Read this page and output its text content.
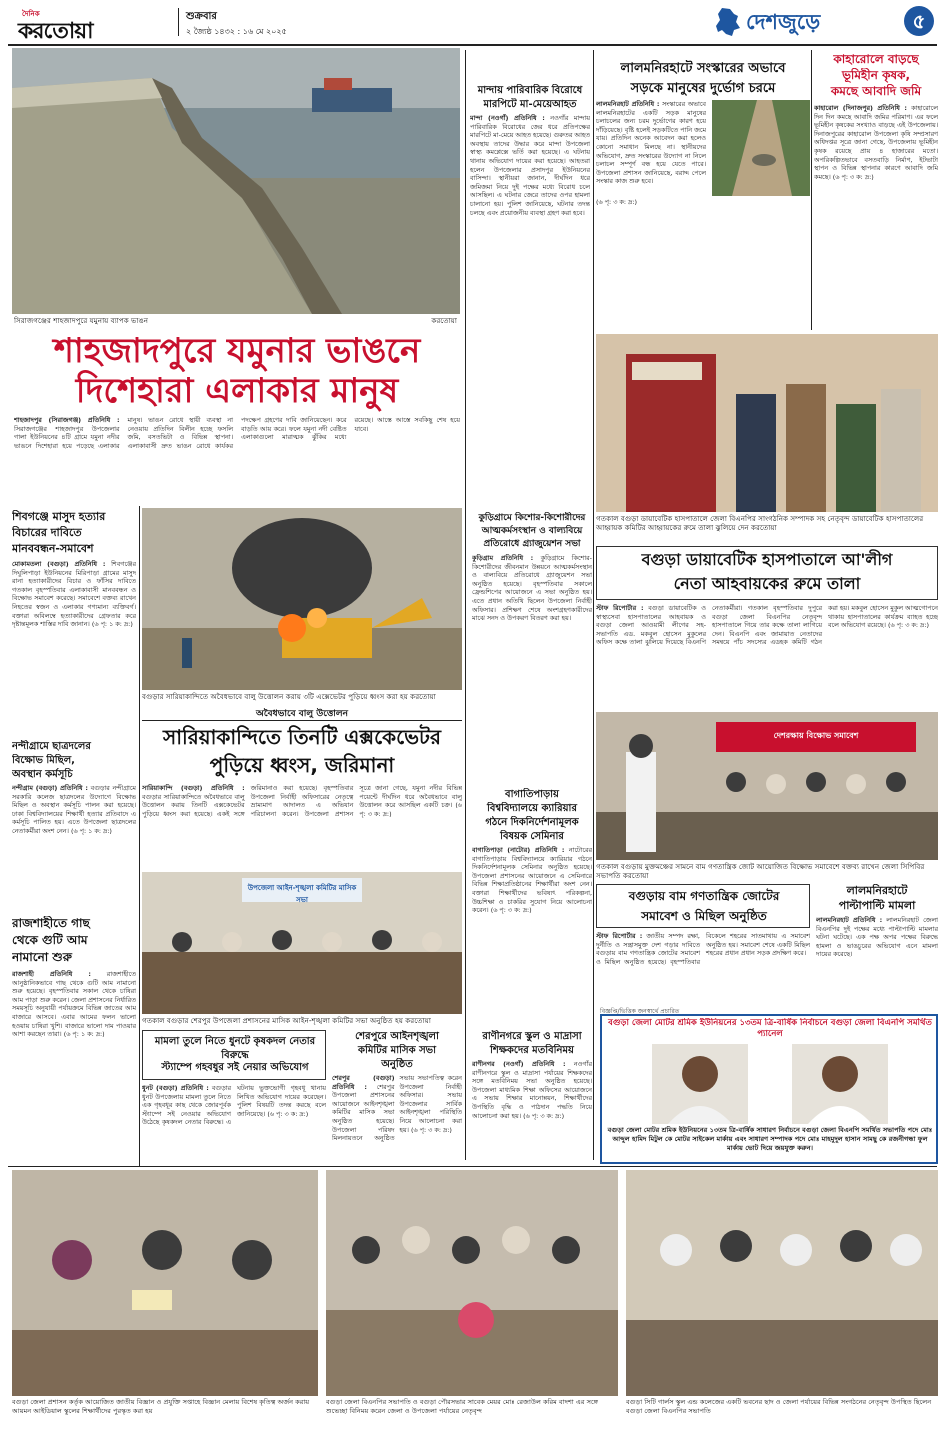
দৈনিক
করতোয়া
শুক্রবার
২ জ্যৈষ্ঠ ১৪৩২ : ১৬ মে ২০২৫	দেশজুড়ে	৫
সিরাজগঞ্জের শাহজাদপুরে যমুনায় ব্যাপক ভাঙন	করতোয়া
শাহজাদপুরে যমুনার ভাঙনে
দিশেহারা এলাকার মানুষ
শাহজাদপুর (সিরাজগঞ্জ) প্রতিনিধি : সিরাজগঞ্জের শাহজাদপুর উপজেলার গালা ইউনিয়নের ৪টি গ্রামে যমুনা নদীর ভাঙনে দিশেহারা হয়ে পড়েছে এলাকার মানুষ। ভাঙন রোধে স্থায়ী ব্যবস্থা না নেওয়ায় প্রতিদিন বিলীন হচ্ছে ফসলি জমি, বসতভিটা ও বিভিন্ন স্থাপনা। এলাকাবাসী দ্রুত ভাঙন রোধে কার্যকর পদক্ষেপ গ্রহণের দাবি জানিয়েছেন। করে বাড়তি আয় করে। ফলে যমুনা নদী বেষ্টিত এলাকাগুলো মারাত্মক ঝুঁকির মধ্যে রয়েছে। আস্তে আস্তে সবকিছু শেষ হয়ে যাবে।
মান্দায় পারিবারিক বিরোধে
মারপিটে মা-মেয়েআহত
মান্দা (নওগাঁ) প্রতিনিধি : নওগাঁর মান্দায় পারিবারিক বিরোধের জের ধরে প্রতিপক্ষের মারপিটে মা-মেয়ে আহত হয়েছে। গুরুতর আহত অবস্থায় তাদের উদ্ধার করে মান্দা উপজেলা স্বাস্থ্য কমপ্লেক্সে ভর্তি করা হয়েছে। এ ঘটনায় থানায় অভিযোগ দায়ের করা হয়েছে। আহতরা হলেন উপজেলার প্রসাদপুর ইউনিয়নের বাসিন্দা। স্থানীয়রা জানান, দীর্ঘদিন ধরে জমিজমা নিয়ে দুই পক্ষের মধ্যে বিরোধ চলে আসছিল। এ ঘটনার জেরে তাদের ওপর হামলা চালানো হয়। পুলিশ জানিয়েছে, ঘটনার তদন্ত চলছে এবং প্রয়োজনীয় ব্যবস্থা গ্রহণ করা হবে।
লালমনিরহাটে সংস্কারের অভাবে
সড়কে মানুষের দুর্ভোগ চরমে
লালমনিরহাট প্রতিনিধি : সংস্কারের অভাবে লালমনিরহাটের একটি সড়ক মানুষের চলাচলের জন্য চরম দুর্ভোগের কারণ হয়ে দাঁড়িয়েছে। বৃষ্টি হলেই সড়কটিতে পানি জমে যায়। প্রতিদিন অনেক আবেদন করা হলেও কোনো সমাধান মিলছে না। স্থানীয়দের অভিযোগ, দ্রুত সংস্কারের উদ্যোগ না নিলে চলাচল সম্পূর্ণ বন্ধ হয়ে যেতে পারে। উপজেলা প্রশাসন জানিয়েছে, বরাদ্দ পেলে সংস্কার কাজ শুরু হবে।
(৬ পৃ: ৩ ক: দ্র:)
কাহারোলে বাড়ছে
ভূমিহীন কৃষক,
কমছে আবাদি জমি
কাহারোল (দিনাজপুর) প্রতিনিধি : কাহারোলে দিন দিন কমছে আবাদি জমির পরিমাণ। এর ফলে ভূমিহীন কৃষকের সংখ্যাও বাড়ছে এই উপজেলায়। দিনাজপুরের কাহারোল উপজেলা কৃষি সম্প্রসারণ অধিদপ্তর সূত্রে জানা গেছে, উপজেলায় ভূমিহীন কৃষক রয়েছে প্রায় ৪ হাজারের মতো। অপরিকল্পিতভাবে বসতবাড়ি নির্মাণ, ইটভাটা স্থাপন ও বিভিন্ন স্থাপনার কারণে আবাদি জমি কমছে। (৬ পৃ: ৩ ক: দ্র:)
গতকাল বগুড়া ডায়াবেটিক হাসপাতালে জেলা বিএনপির সাংগঠনিক সম্পাদক সহ নেতৃবৃন্দ ডায়াবেটিক হাসপাতালের আহ্বায়ক কমিটির আহ্বায়কের রুমে তালা ঝুলিয়ে দেন করতোয়া
বগুড়া ডায়াবেটিক হাসপাতালে আ'লীগ
নেতা আহবায়কের রুমে তালা
স্টাফ রিপোর্টার : বগুড়া ডায়াবেটিক ও স্বাস্থ্যসেবা হাসপাতালের আহবায়ক ও বগুড়া জেলা আওয়ামী লীগের সহ-সভাপতি এড. মকবুল হোসেন মুকুলের অফিস কক্ষে তালা ঝুলিয়ে দিয়েছে বিএনপি নেতাকর্মীরা। গতকাল বৃহস্পতিবার দুপুরে বগুড়া জেলা বিএনপির নেতৃবৃন্দ হাসপাতালে গিয়ে তার কক্ষে তালা লাগিয়ে দেন। বিএনপি এবং জামায়াত নেতাদের সমন্বয়ে পাঁচ সদস্যের এডহক কমিটি গঠন করা হয়। মকবুল হোসেন মুকুল আত্মগোপনে থাকায় হাসপাতালের কার্যক্রম ব্যাহত হচ্ছে বলে অভিযোগ রয়েছে। (৬ পৃ: ৩ ক: দ্র:)
কুড়িগ্রামে কিশোর-কিশোরীদের
আত্মকর্মসংস্থান ও বাল্যবিয়ে
প্রতিরোধে গ্র্যাজুয়েশন সভা
কুড়িগ্রাম প্রতিনিধি : কুড়িগ্রামে কিশোর-কিশোরীদের জীবনমান উন্নয়নে আত্মকর্মসংস্থান ও বাল্যবিয়ে প্রতিরোধে গ্র্যাজুয়েশন সভা অনুষ্ঠিত হয়েছে। বৃহস্পতিবার সকালে ফ্রেন্ডশিপের আয়োজনে এ সভা অনুষ্ঠিত হয়। এতে প্রধান অতিথি ছিলেন উপজেলা নির্বাহী অফিসার। প্রশিক্ষণ শেষে অংশগ্রহণকারীদের মাঝে সনদ ও উপকরণ বিতরণ করা হয়।
শিবগঞ্জে মাসুদ হত্যার
বিচারের দাবিতে
মানববন্ধন-সমাবেশ
মোকামতলা (বগুড়া) প্রতিনিধি : শিবগঞ্জের দিঘুলিপাড়া ইউনিয়নের মিরিপাড়া গ্রামের মাসুদ রানা হত্যাকারীদের বিচার ও ফাঁসির দাবিতে গতকাল বৃহস্পতিবার এলাকাবাসী মানববন্ধন ও বিক্ষোভ সমাবেশ করেছে। সমাবেশে বক্তব্য রাখেন নিহতের স্বজন ও এলাকার গণ্যমান্য ব্যক্তিবর্গ। বক্তারা অবিলম্বে হত্যাকারীদের গ্রেফতার করে দৃষ্টান্তমূলক শাস্তির দাবি জানান। (৬ পৃ: ১ ক: দ্র:)
নন্দীগ্রামে ছাত্রদলের
বিক্ষোভ মিছিল,
অবস্থান কর্মসূচি
নন্দীগ্রাম (বগুড়া) প্রতিনিধি : বগুড়ার নন্দীগ্রামে সরকারি কলেজ ছাত্রদলের উদ্যোগে বিক্ষোভ মিছিল ও অবস্থান কর্মসূচি পালন করা হয়েছে। ঢাকা বিশ্ববিদ্যালয়ের শিক্ষার্থী হত্যার প্রতিবাদে এ কর্মসূচি পালিত হয়। এতে উপজেলা ছাত্রদলের নেতাকর্মীরা অংশ নেন। (৬ পৃ: ১ ক: দ্র:)
রাজশাহীতে গাছ
থেকে গুটি আম
নামানো শুরু
রাজশাহী প্রতিনিধি : রাজশাহীতে আনুষ্ঠানিকভাবে গাছ থেকে গুটি আম নামানো শুরু হয়েছে। বৃহস্পতিবার সকাল থেকে চাষিরা আম পাড়া শুরু করেন। জেলা প্রশাসনের নির্ধারিত সময়সূচি অনুযায়ী পর্যায়ক্রমে বিভিন্ন জাতের আম বাজারে আসবে। এবার আমের ফলন ভালো হওয়ায় চাষিরা খুশি। বাজারে ভালো দাম পাওয়ার আশা করছেন তারা। (৬ পৃ: ১ ক: দ্র:)
বগুড়ার সারিয়াকান্দিতে অবৈধভাবে বালু উত্তোলন করায় ৩টি এক্সেভেটর পুড়িয়ে ধ্বংস করা হয় করতোয়া
অবৈধভাবে বালু উত্তোলন
সারিয়াকান্দিতে তিনটি এক্সকেভেটর
পুড়িয়ে ধ্বংস, জরিমানা
সারিয়াকান্দি (বগুড়া) প্রতিনিধি : বগুড়ার সারিয়াকান্দিতে অবৈধভাবে বালু উত্তোলন করায় তিনটি এক্সকেভেটর পুড়িয়ে ধ্বংস করা হয়েছে। একই সঙ্গে জরিমানাও করা হয়েছে। বৃহস্পতিবার উপজেলা নির্বাহী অফিসারের নেতৃত্বে ভ্রাম্যমাণ আদালত এ অভিযান পরিচালনা করেন। উপজেলা প্রশাসন সূত্রে জানা গেছে, যমুনা নদীর বিভিন্ন পয়েন্টে দীর্ঘদিন ধরে অবৈধভাবে বালু উত্তোলন করে আসছিল একটি চক্র। (৬ পৃ: ৩ ক: দ্র:)
বাগাতিপাড়ায়
বিশ্ববিদ্যালয়ে ক্যারিয়ার
গঠনে দিকনির্দেশনামূলক
বিষয়ক সেমিনার
বাগাতিপাড়া (নাটোর) প্রতিনিধি : নাটোরের বাগাতিপাড়ায় বিশ্ববিদ্যালয়ে ক্যারিয়ার গঠনে দিকনির্দেশনামূলক সেমিনার অনুষ্ঠিত হয়েছে। উপজেলা প্রশাসনের আয়োজনে এ সেমিনারে বিভিন্ন শিক্ষাপ্রতিষ্ঠানের শিক্ষার্থীরা অংশ নেন। বক্তারা শিক্ষার্থীদের ভবিষ্যৎ পরিকল্পনা, উচ্চশিক্ষা ও চাকরির সুযোগ নিয়ে আলোচনা করেন। (৬ পৃ: ৩ ক: দ্র:)
উপজেলা আইন-শৃঙ্খলা কমিটির মাসিক সভা
গতকাল বগুড়ার শেরপুর উপজেলা প্রশাসনের মাসিক আইন-শৃঙ্খলা কমিটির সভা অনুষ্ঠিত হয় করতোয়া
মামলা তুলে নিতে ধুনটে কৃষকদল নেতার বিরুদ্ধে
স্ট্যাম্পে গহবধুর সই নেয়ার অভিযোগ
ধুনট (বগুড়া) প্রতিনিধি : বগুড়ার ধুনট উপজেলায় মামলা তুলে নিতে এক গৃহবধূর কাছ থেকে জোরপূর্বক স্ট্যাম্পে সই নেওয়ার অভিযোগ উঠেছে কৃষকদল নেতার বিরুদ্ধে। এ ঘটনায় ভুক্তভোগী গৃহবধূ থানায় লিখিত অভিযোগ দায়ের করেছেন। পুলিশ বিষয়টি তদন্ত করছে বলে জানিয়েছে। (৬ পৃ: ৩ ক: দ্র:)
শেরপুরে আইনশৃঙ্খলা
কমিটির মাসিক সভা
অনুষ্ঠিত
শেরপুর (বগুড়া) প্রতিনিধি : শেরপুর উপজেলা প্রশাসনের আয়োজনে আইনশৃঙ্খলা কমিটির মাসিক সভা অনুষ্ঠিত হয়েছে। উপজেলা পরিষদ মিলনায়তনে অনুষ্ঠিত সভায় সভাপতিত্ব করেন উপজেলা নির্বাহী অফিসার। সভায় উপজেলার সার্বিক আইনশৃঙ্খলা পরিস্থিতি নিয়ে আলোচনা করা হয়। (৬ পৃ: ৩ ক: দ্র:)
দেশরক্ষায় বিক্ষোভ সমাবেশ
গতকাল বগুড়ায় মুক্তমঞ্চের সামনে বাম গণতান্ত্রিক জোট আয়োজিত বিক্ষোভ সমাবেশে বক্তব্য রাখেন জেলা সিপিবির সভাপতি করতোয়া
বগুড়ায় বাম গণতান্ত্রিক জোটের
সমাবেশ ও মিছিল অনুষ্ঠিত
স্টাফ রিপোর্টার : জাতীয় সম্পদ রক্ষা, দুর্নীতি ও সন্ত্রাসমুক্ত দেশ গড়ার দাবিতে বগুড়ায় বাম গণতান্ত্রিক জোটের সমাবেশ ও মিছিল অনুষ্ঠিত হয়েছে। বৃহস্পতিবার বিকেলে শহরের সাতমাথায় এ সমাবেশ অনুষ্ঠিত হয়। সমাবেশ শেষে একটি মিছিল শহরের প্রধান প্রধান সড়ক প্রদক্ষিণ করে।
লালমনিরহাটে
পাল্টাপাল্টি মামলা
লালমনিরহাট প্রতিনিধি : লালমনিরহাট জেলা বিএনপির দুই পক্ষের মধ্যে পাল্টাপাল্টি মামলার ঘটনা ঘটেছে। এক পক্ষ অপর পক্ষের বিরুদ্ধে হামলা ও ভাঙচুরের অভিযোগ এনে মামলা দায়ের করেছে।
রাণীনগরে স্কুল ও মাদ্রাসা
শিক্ষকদের মতবিনিময়
রাণীনগর (নওগাঁ) প্রতিনিধি : নওগাঁর রাণীনগরে স্কুল ও মাদ্রাসা পর্যায়ের শিক্ষকদের সঙ্গে মতবিনিময় সভা অনুষ্ঠিত হয়েছে। উপজেলা মাধ্যমিক শিক্ষা অফিসের আয়োজনে এ সভায় শিক্ষার মানোন্নয়ন, শিক্ষার্থীদের উপস্থিতি বৃদ্ধি ও পাঠদান পদ্ধতি নিয়ে আলোচনা করা হয়। (৬ পৃ: ৩ ক: দ্র:)
বিজ্ঞপ্তি/ভিত্তিক জনস্বার্থে প্রচারিত
বগুড়া জেলা মোটর শ্রমিক ইউনিয়নের ১৩তম ত্রি-বার্ষিক নির্বাচনে বগুড়া জেলা বিএনপি সমর্থিত প্যানেল
বগুড়া জেলা মোটর শ্রমিক ইউনিয়নের ১৩তম ত্রি-বার্ষিক সাধারণ নির্বাচনে বগুড়া জেলা বিএনপি সমর্থিত সভাপতি পদে মোঃ আব্দুল হামিদ মিটুল কে মোটর সাইকেল মার্কায় এবং সাধারণ সম্পাদক পদে মোঃ মাহমুদুল হাসান সামছু কে রজনীগন্ধা ফুল মার্কায় ভোট দিয়ে জয়যুক্ত করুন।
বগুড়া জেলা প্রশাসন কর্তৃক আয়োজিত জাতীয় বিজ্ঞান ও প্রযুক্তি সপ্তাহে বিজ্ঞান মেলায় বিশেষ কৃতিত্ব অর্জন করায় আয়মন আইডিয়াল স্কুলের শিক্ষার্থীদের পুরস্কৃত করা হয়
বগুড়া জেলা বিএনপির সভাপতি ও বগুড়া পৌরসভার সাবেক মেয়র মোঃ রেজাউল করিম বাদশা এর সঙ্গে শুভেচ্ছা বিনিময় করেন জেলা ও উপজেলা পর্যায়ের নেতৃবৃন্দ
বগুড়া সিটি গার্লস স্কুল এন্ড কলেজের একটি ভবনের ছাদ ও জেলা পর্যায়ের বিভিন্ন সংগঠনের নেতৃবৃন্দ উপস্থিত ছিলেন বগুড়া জেলা বিএনপির সভাপতি
